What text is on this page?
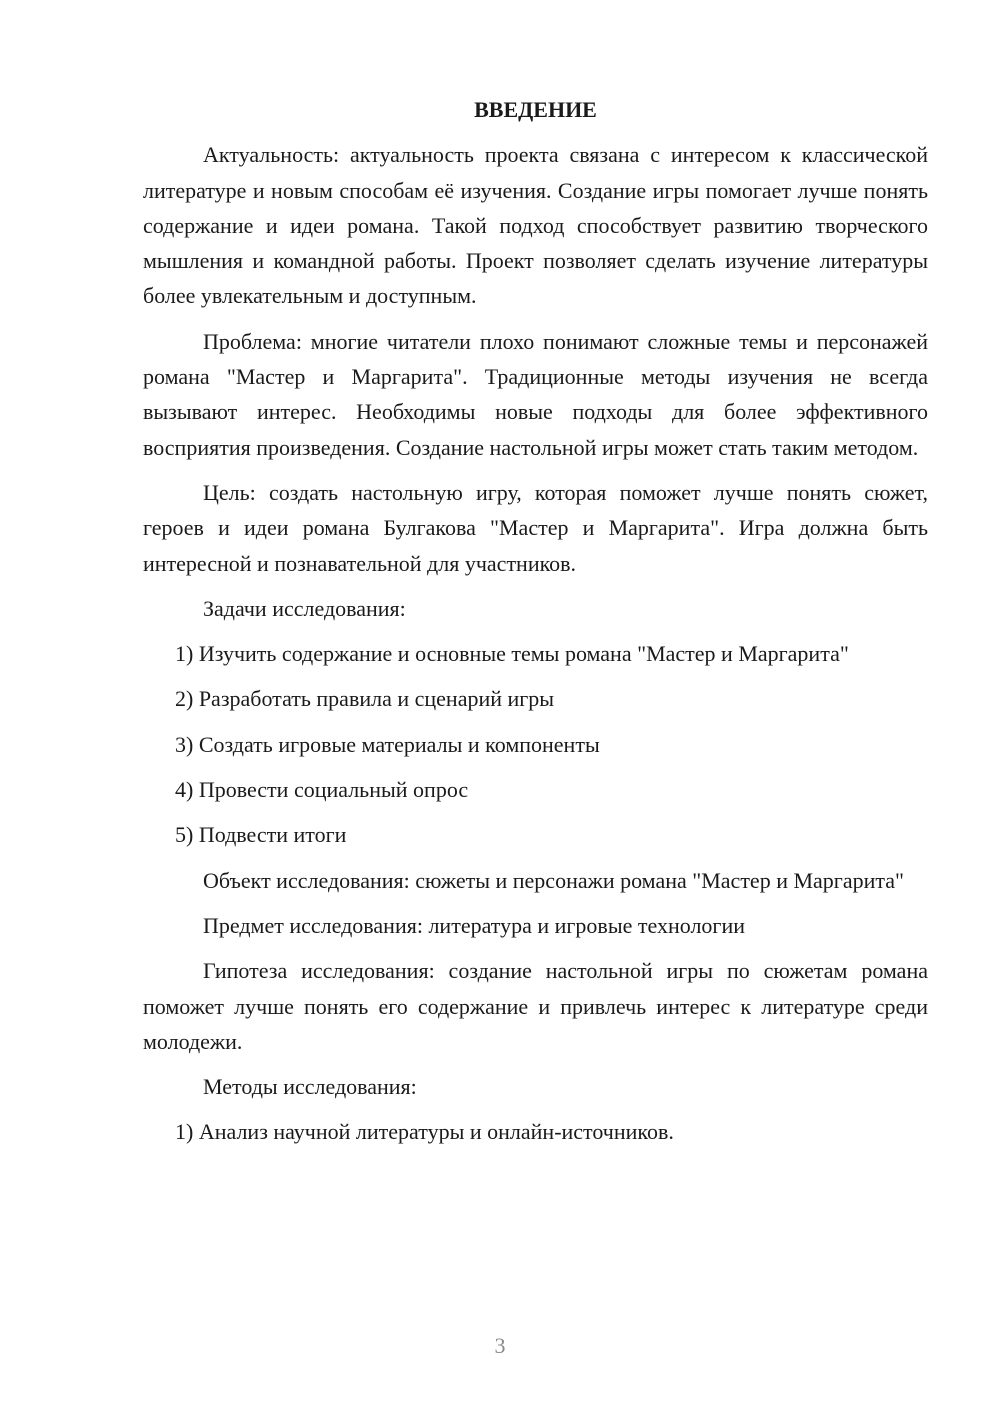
ВВЕДЕНИЕ
Актуальность: актуальность проекта связана с интересом к классической литературе и новым способам её изучения. Создание игры помогает лучше понять содержание и идеи романа. Такой подход способствует развитию творческого мышления и командной работы. Проект позволяет сделать изучение литературы более увлекательным и доступным.
Проблема: многие читатели плохо понимают сложные темы и персонажей романа "Мастер и Маргарита". Традиционные методы изучения не всегда вызывают интерес. Необходимы новые подходы для более эффективного восприятия произведения. Создание настольной игры может стать таким методом.
Цель: создать настольную игру, которая поможет лучше понять сюжет, героев и идеи романа Булгакова "Мастер и Маргарита". Игра должна быть интересной и познавательной для участников.
Задачи исследования:
1) Изучить содержание и основные темы романа "Мастер и Маргарита"
2) Разработать правила и сценарий игры
3) Создать игровые материалы и компоненты
4) Провести социальный опрос
5) Подвести итоги
Объект исследования: сюжеты и персонажи романа "Мастер и Маргарита"
Предмет исследования: литература и игровые технологии
Гипотеза исследования: создание настольной игры по сюжетам романа поможет лучше понять его содержание и привлечь интерес к литературе среди молодежи.
Методы исследования:
1) Анализ научной литературы и онлайн-источников.
3
